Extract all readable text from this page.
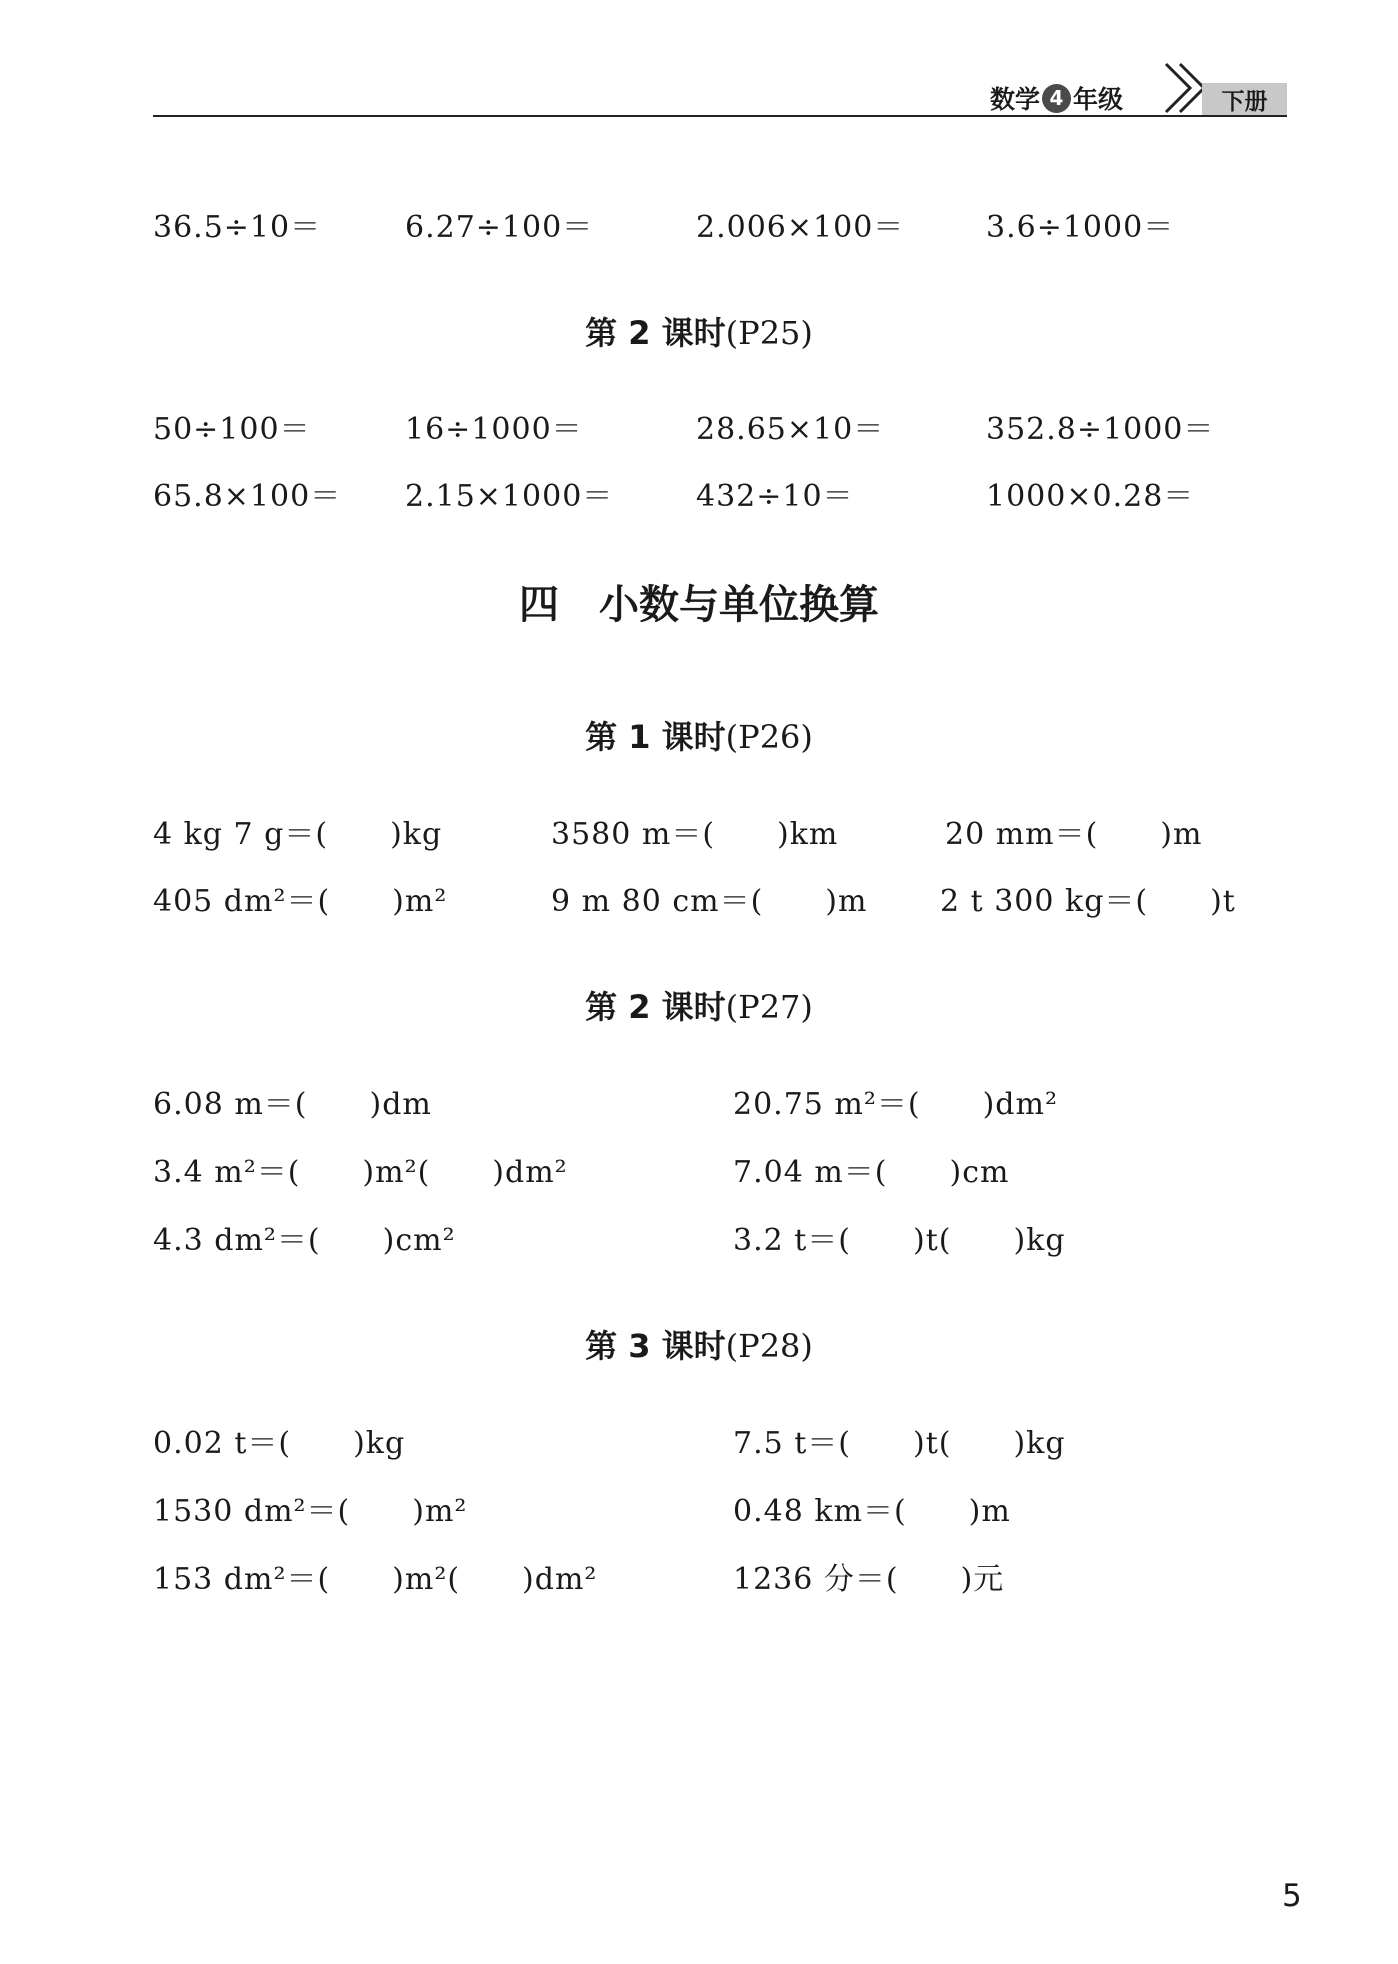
数学 4 年级	下册
36.5÷10＝	6.27÷100＝	2.006×100＝	3.6÷1000＝
第 2 课时(P25)
50÷100＝	16÷1000＝	28.65×10＝	352.8÷1000＝
65.8×100＝ 2.15×1000＝	432÷10＝	1000×0.28＝
四 小数与单位换算
第 1 课时(P26)
4 kg 7 g＝(　　)kg	3580 m＝(　　)km	20 mm＝(　　)m
405 dm²＝(　　)m²	9 m 80 cm＝(　　)m 2 t 300 kg＝(　　)t
第 2 课时(P27)
6.08 m＝(　　)dm	20.75 m²＝(　　)dm²
3.4 m²＝(　　)m²(　　)dm²	7.04 m＝(　　)cm
4.3 dm²＝(　　)cm²	3.2 t＝(　　)t(　　)kg
第 3 课时(P28)
0.02 t＝(　　)kg	7.5 t＝(　　)t(　　)kg
1530 dm²＝(　　)m²	0.48 km＝(　　)m
153 dm²＝(　　)m²(　　)dm²	1236 分＝(　　)元
5
